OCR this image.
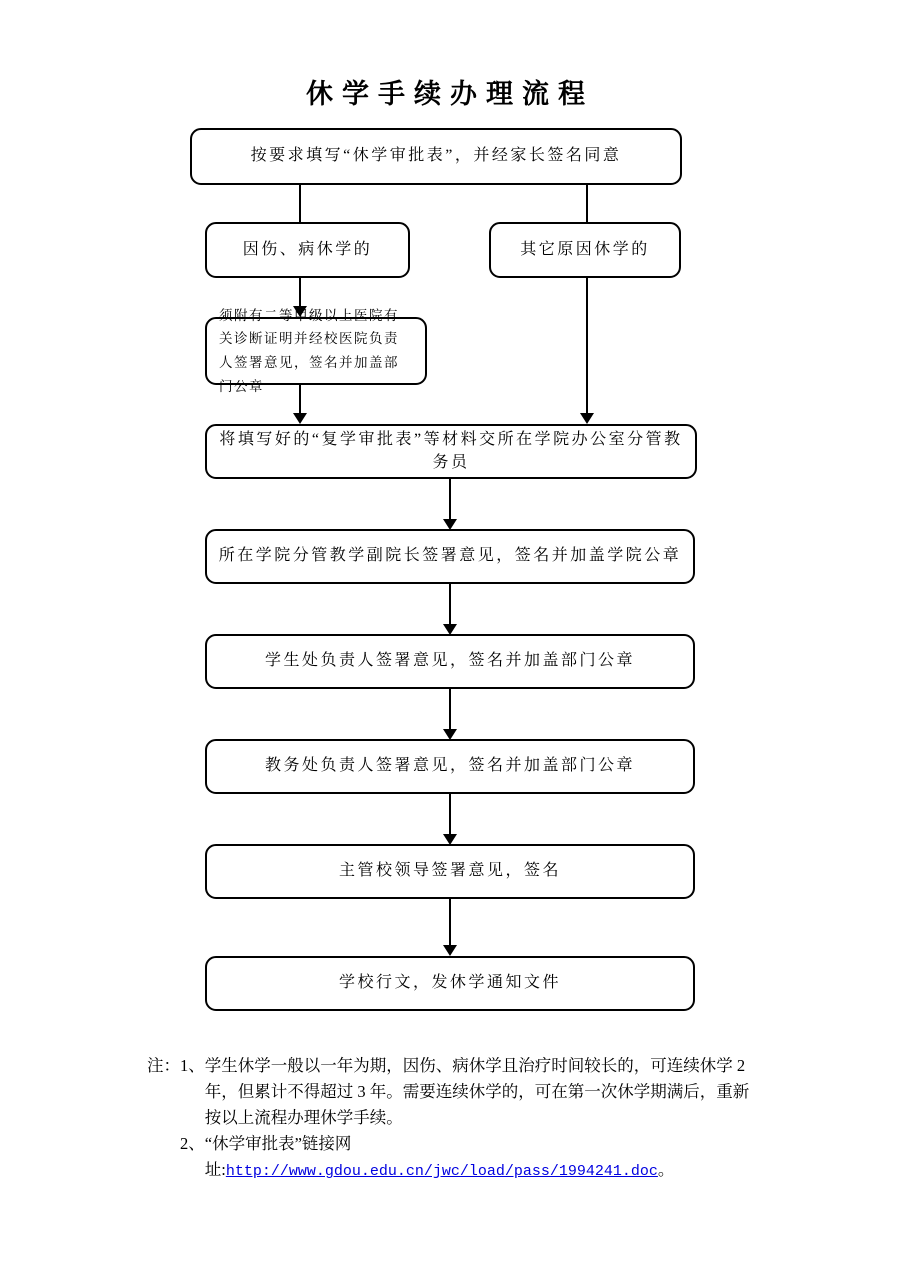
休学手续办理流程
按要求填写“休学审批表”，并经家长签名同意
因伤、病休学的	其它原因休学的
须附有二等甲级以上医院有关诊断证明并经校医院负责人签署意见，签名并加盖部门公章
将填写好的“复学审批表”等材料交所在学院办公室分管教务员
所在学院分管教学副院长签署意见，签名并加盖学院公章
学生处负责人签署意见，签名并加盖部门公章
教务处负责人签署意见，签名并加盖部门公章
主管校领导签署意见，签名
学校行文，发休学通知文件
注： 1、 学生休学一般以一年为期，因伤、病休学且治疗时间较长的，可连续休学 2 年，但累计不得超过 3 年。需要连续休学的，可在第一次休学期满后，重新按以上流程办理休学手续。
2、 “休学审批表”链接网址:http://www.gdou.edu.cn/jwc/load/pass/1994241.doc。
